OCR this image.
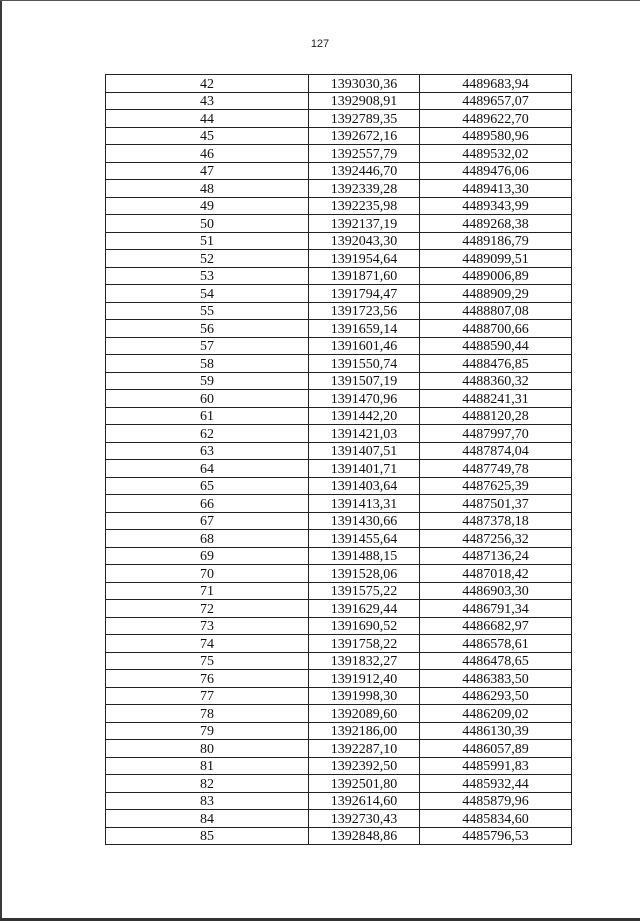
127
42	1393030,36	4489683,94
43	1392908,91	4489657,07
44	1392789,35	4489622,70
45	1392672,16	4489580,96
46	1392557,79	4489532,02
47	1392446,70	4489476,06
48	1392339,28	4489413,30
49	1392235,98	4489343,99
50	1392137,19	4489268,38
51	1392043,30	4489186,79
52	1391954,64	4489099,51
53	1391871,60	4489006,89
54	1391794,47	4488909,29
55	1391723,56	4488807,08
56	1391659,14	4488700,66
57	1391601,46	4488590,44
58	1391550,74	4488476,85
59	1391507,19	4488360,32
60	1391470,96	4488241,31
61	1391442,20	4488120,28
62	1391421,03	4487997,70
63	1391407,51	4487874,04
64	1391401,71	4487749,78
65	1391403,64	4487625,39
66	1391413,31	4487501,37
67	1391430,66	4487378,18
68	1391455,64	4487256,32
69	1391488,15	4487136,24
70	1391528,06	4487018,42
71	1391575,22	4486903,30
72	1391629,44	4486791,34
73	1391690,52	4486682,97
74	1391758,22	4486578,61
75	1391832,27	4486478,65
76	1391912,40	4486383,50
77	1391998,30	4486293,50
78	1392089,60	4486209,02
79	1392186,00	4486130,39
80	1392287,10	4486057,89
81	1392392,50	4485991,83
82	1392501,80	4485932,44
83	1392614,60	4485879,96
84	1392730,43	4485834,60
85	1392848,86	4485796,53
